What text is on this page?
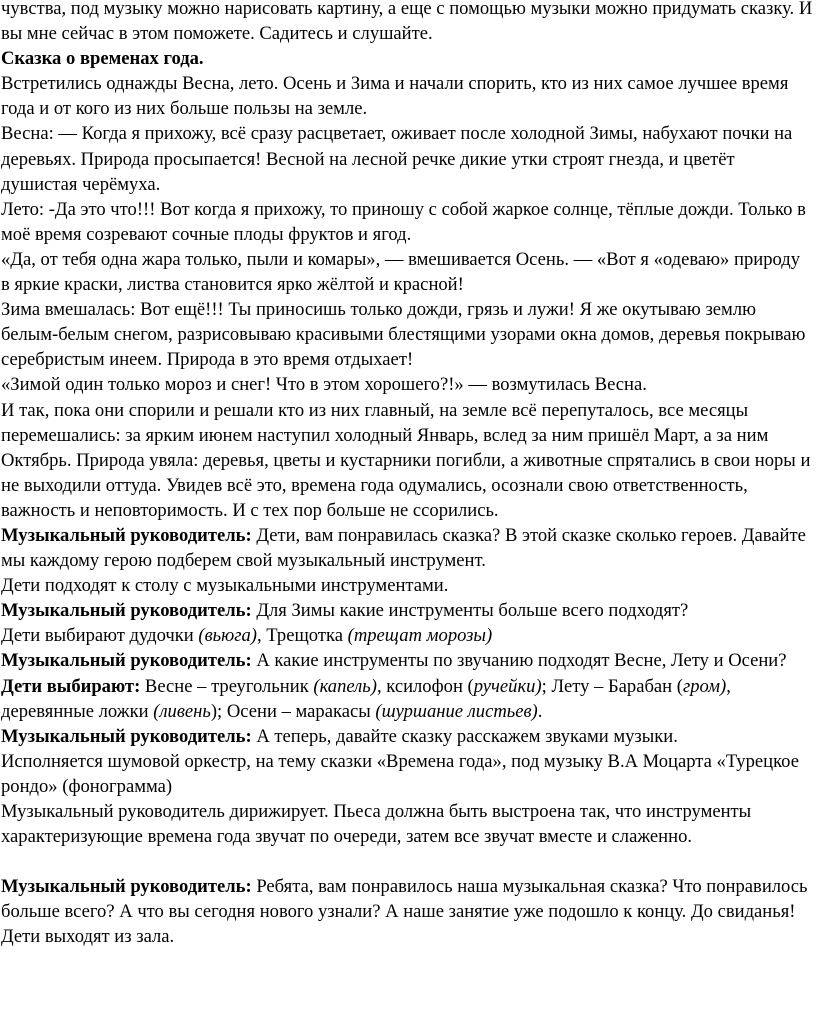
чувства, под музыку можно нарисовать картину, а еще с помощью музыки можно придумать сказку. И вы мне сейчас в этом поможете. Садитесь и слушайте.

Сказка о временах года.

Встретились однажды Весна, лето. Осень и Зима и начали спорить, кто из них самое лучшее время года и от кого из них больше пользы на земле.

Весна: — Когда я прихожу, всё сразу расцветает, оживает после холодной Зимы, набухают почки на деревьях. Природа просыпается! Весной на лесной речке дикие утки строят гнезда, и цветёт душистая черёмуха.

Лето: -Да это что!!! Вот когда я прихожу, то приношу с собой жаркое солнце, тёплые дожди. Только в моё время созревают сочные плоды фруктов и ягод.

«Да, от тебя одна жара только, пыли и комары», — вмешивается Осень. — «Вот я «одеваю» природу в яркие краски, листва становится ярко жёлтой и красной!

Зима вмешалась: Вот ещё!!! Ты приносишь только дожди, грязь и лужи! Я же окутываю землю белым-белым снегом, разрисовываю красивыми блестящими узорами окна домов, деревья покрываю серебристым инеем. Природа в это время отдыхает!

«Зимой один только мороз и снег! Что в этом хорошего?!» — возмутилась Весна.

И так, пока они спорили и решали кто из них главный, на земле всё перепуталось, все месяцы перемешались: за ярким июнем наступил холодный Январь, вслед за ним пришёл Март, а за ним Октябрь. Природа увяла: деревья, цветы и кустарники погибли, а животные спрятались в свои норы и не выходили оттуда. Увидев всё это, времена года одумались, осознали свою ответственность, важность и неповторимость. И с тех пор больше не ссорились.

Музыкальный руководитель: Дети, вам понравилась сказка? В этой сказке сколько героев. Давайте мы каждому герою подберем свой музыкальный инструмент.

Дети подходят к столу с музыкальными инструментами.

Музыкальный руководитель: Для Зимы какие инструменты больше всего подходят?

Дети выбирают дудочки (вьюга), Трещотка (трещат морозы)

Музыкальный руководитель: А какие инструменты по звучанию подходят Весне, Лету и Осени?

Дети выбирают: Весне – треугольник (капель), ксилофон (ручейки); Лету – Барабан (гром), деревянные ложки (ливень); Осени – маракасы (шуршание листьев).

Музыкальный руководитель: А теперь, давайте сказку расскажем звуками музыки.

Исполняется шумовой оркестр, на тему сказки «Времена года», под музыку В.А Моцарта «Турецкое рондо» (фонограмма)

Музыкальный руководитель дирижирует. Пьеса должна быть выстроена так, что инструменты характеризующие времена года звучат по очереди, затем все звучат вместе и слаженно.

Музыкальный руководитель: Ребята, вам понравилось наша музыкальная сказка? Что понравилось больше всего? А что вы сегодня нового узнали? А наше занятие уже подошло к концу. До свиданья!

Дети выходят из зала.
